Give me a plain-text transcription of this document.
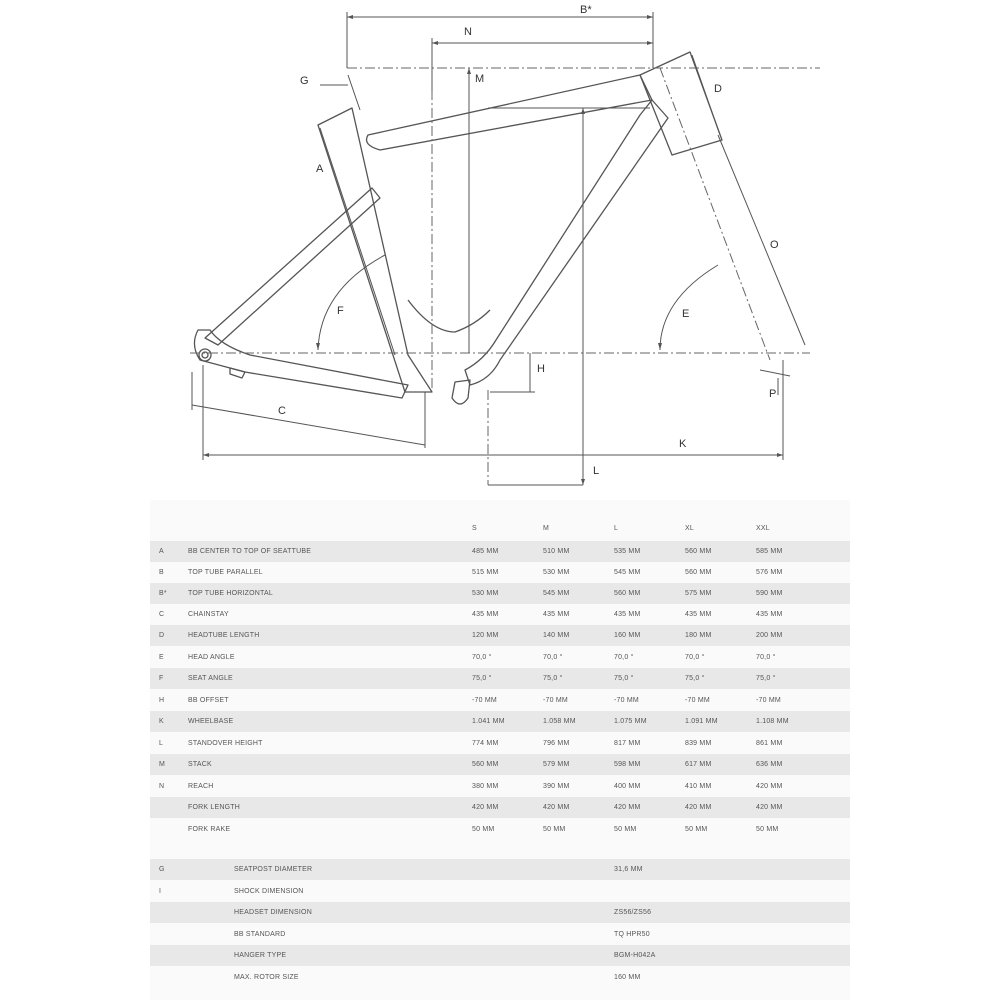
B*
N
M
G
D
A
O
F	E
H
P
C
K
L
S	M	L	XL	XXL
A	BB CENTER TO TOP OF SEATTUBE	485 MM	510 MM	535 MM	560 MM	585 MM
B	TOP TUBE PARALLEL	515 MM	530 MM	545 MM	560 MM	576 MM
B*	TOP TUBE HORIZONTAL	530 MM	545 MM	560 MM	575 MM	590 MM
C	CHAINSTAY	435 MM	435 MM	435 MM	435 MM	435 MM
D	HEADTUBE LENGTH	120 MM	140 MM	160 MM	180 MM	200 MM
E	HEAD ANGLE	70,0 °	70,0 °	70,0 °	70,0 °	70,0 °
F	SEAT ANGLE	75,0 °	75,0 °	75,0 °	75,0 °	75,0 °
H	BB OFFSET	-70 MM	-70 MM	-70 MM	-70 MM	-70 MM
K	WHEELBASE	1.041 MM	1.058 MM	1.075 MM	1.091 MM	1.108 MM
L	STANDOVER HEIGHT	774 MM	796 MM	817 MM	839 MM	861 MM
M	STACK	560 MM	579 MM	598 MM	617 MM	636 MM
N	REACH	380 MM	390 MM	400 MM	410 MM	420 MM
FORK LENGTH	420 MM	420 MM	420 MM	420 MM	420 MM
FORK RAKE	50 MM	50 MM	50 MM	50 MM	50 MM
G	SEATPOST DIAMETER	31,6 MM
I	SHOCK DIMENSION
HEADSET DIMENSION	ZS56/ZS56
BB STANDARD	TQ HPR50
HANGER TYPE	BGM-H042A
MAX. ROTOR SIZE	160 MM
